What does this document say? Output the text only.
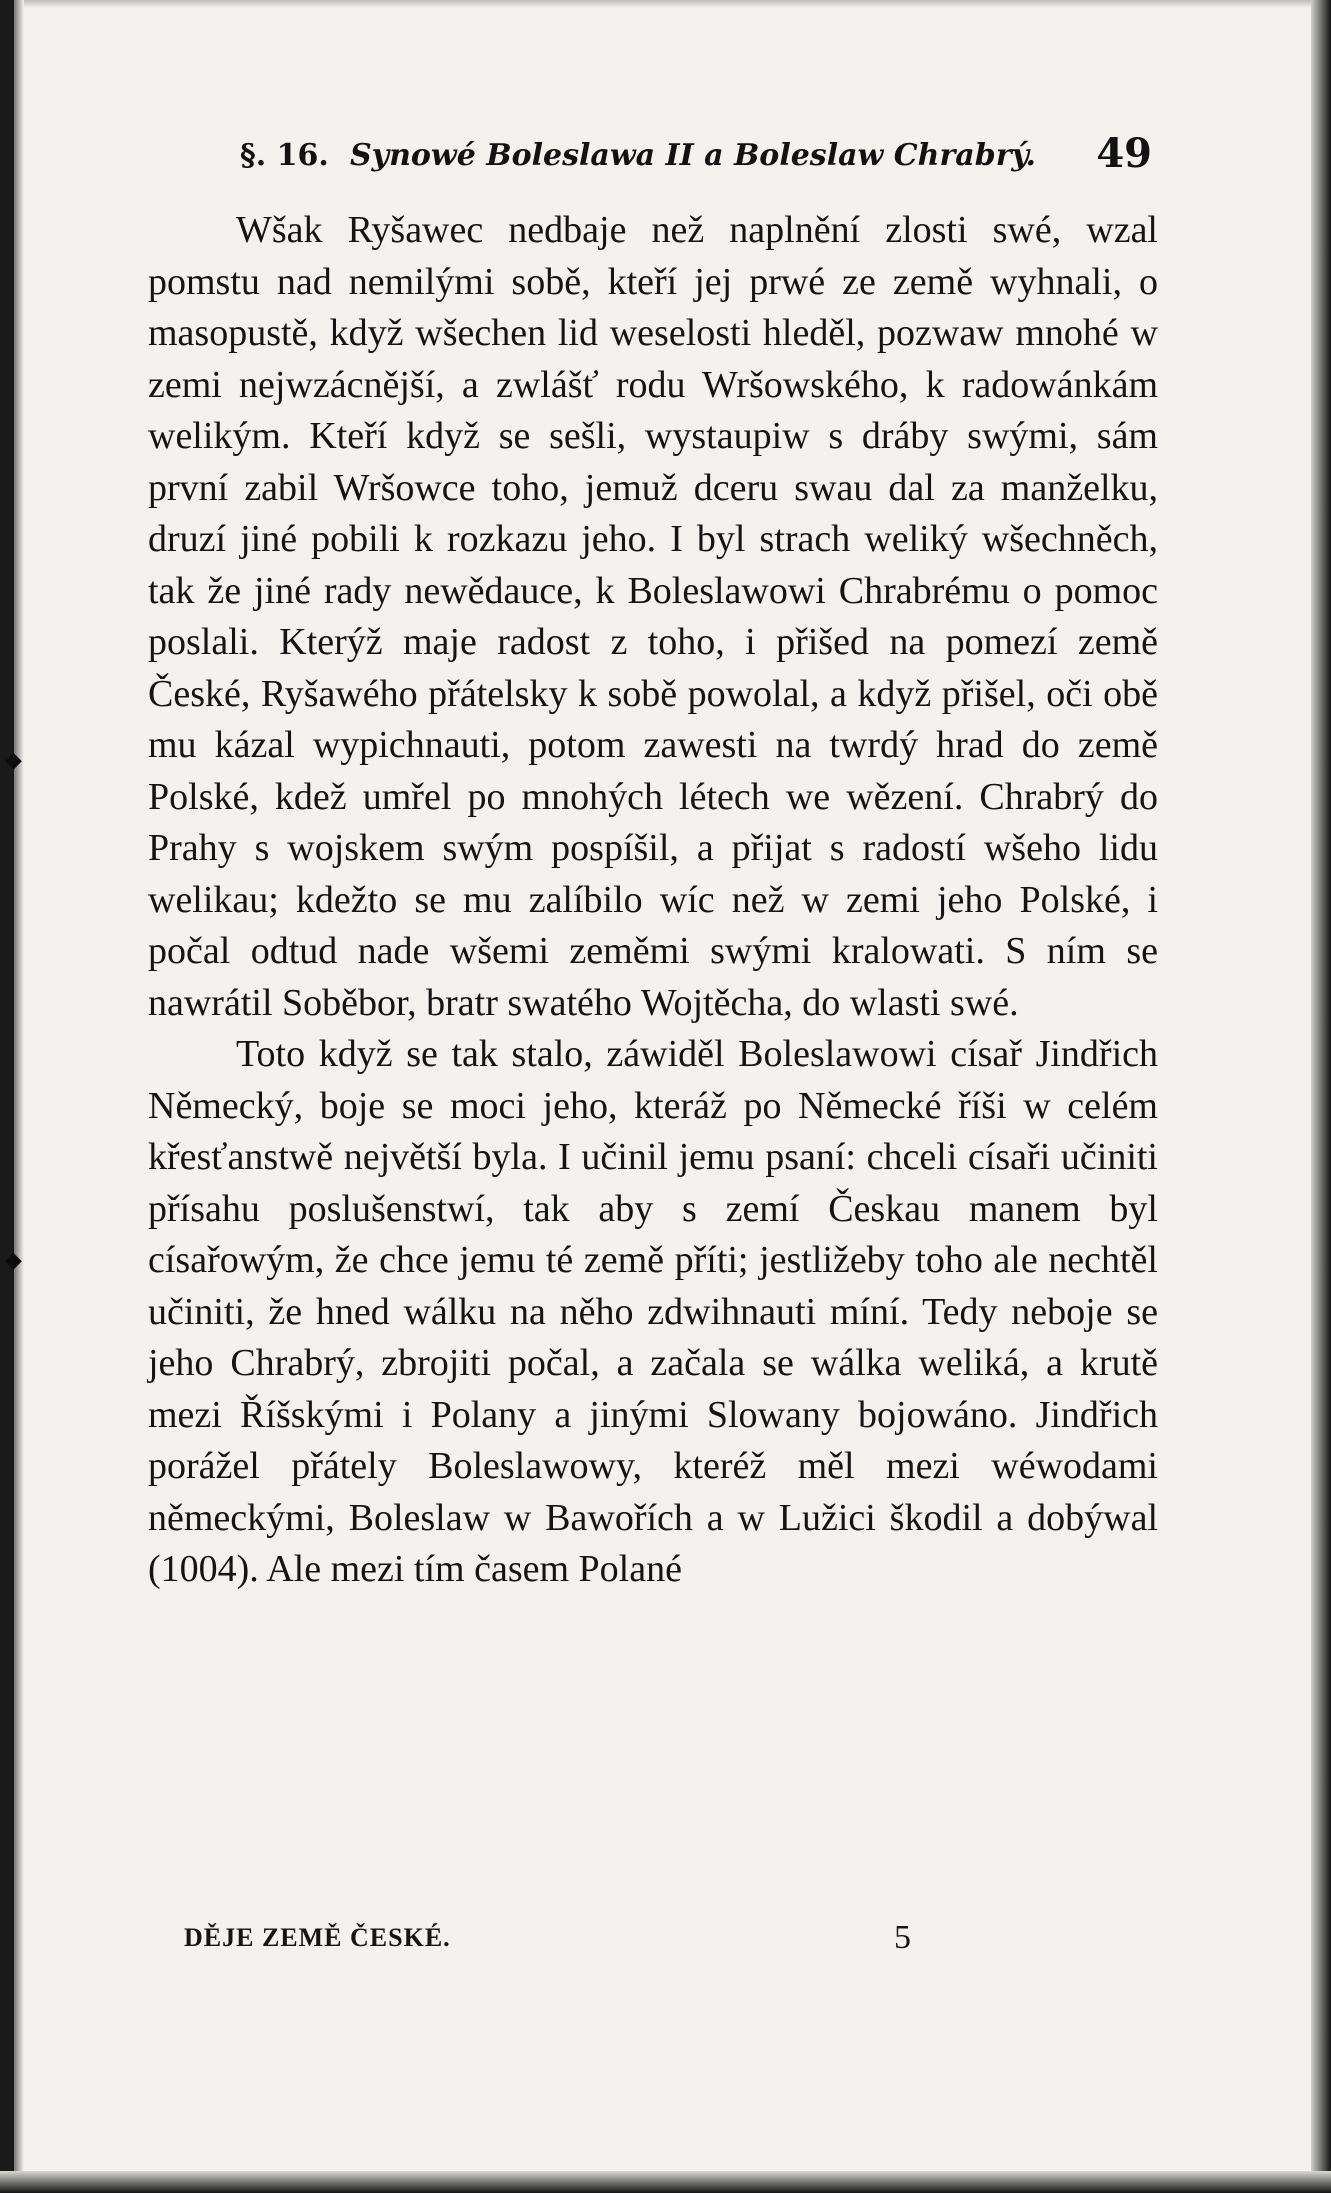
◆
◆
§. 16. Synowé Boleslawa II a Boleslaw Chrabrý. 49

Wšak Ryšawec nedbaje než naplnění zlosti swé, wzal pomstu nad nemilými sobě, kteří jej prwé ze země wyhnali, o masopustě, když wšechen lid weselosti hleděl, pozwaw mnohé w zemi nejwzácnější, a zwlášť rodu Wršowského, k radowánkám welikým. Kteří když se sešli, wystaupiw s dráby swými, sám první zabil Wršowce toho, jemuž dceru swau dal za manželku, druzí jiné pobili k rozkazu jeho. I byl strach weliký wšechněch, tak že jiné rady newědauce, k Boleslawowi Chrabrému o pomoc poslali. Kterýž maje radost z toho, i přišed na pomezí země České, Ryšawého přátelsky k sobě powolal, a když přišel, oči obě mu kázal wypichnauti, potom zawesti na twrdý hrad do země Polské, kdež umřel po mnohých létech we wězení. Chrabrý do Prahy s wojskem swým pospíšil, a přijat s radostí wšeho lidu welikau; kdežto se mu zalíbilo wíc než w zemi jeho Polské, i počal odtud nade wšemi zeměmi swými kralowati. S ním se nawrátil Soběbor, bratr swatého Wojtěcha, do wlasti swé.

Toto když se tak stalo, záwiděl Boleslawowi císař Jindřich Německý, boje se moci jeho, kteráž po Německé říši w celém křesťanstwě největší byla. I učinil jemu psaní: chceli císaři učiniti přísahu poslušenstwí, tak aby s zemí Českau manem byl císařowým, že chce jemu té země příti; jestližeby toho ale nechtěl učiniti, že hned wálku na něho zdwihnauti míní. Tedy neboje se jeho Chrabrý, zbrojiti počal, a začala se wálka weliká, a krutě mezi Říšskými i Polany a jinými Slowany bojowáno. Jindřich porážel přátely Boleslawowy, kteréž měl mezi wéwodami německými, Boleslaw w Bawořích a w Lužici škodil a dobýwal (1004). Ale mezi tím časem Polané

DĚJE ZEMĚ ČESKÉ.	5
